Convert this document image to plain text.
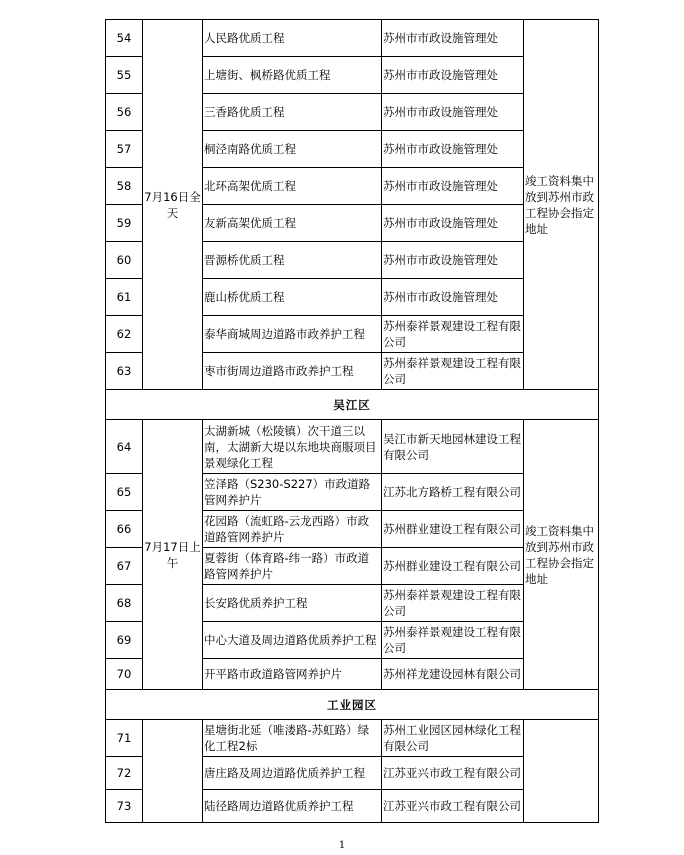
54	7月16日全天	人民路优质工程	苏州市市政设施管理处	竣工资料集中放到苏州市政工程协会指定地址
55		上塘街、枫桥路优质工程	苏州市市政设施管理处	
56		三香路优质工程	苏州市市政设施管理处	
57		桐泾南路优质工程	苏州市市政设施管理处	
58		北环高架优质工程	苏州市市政设施管理处	
59		友新高架优质工程	苏州市市政设施管理处	
60		晋源桥优质工程	苏州市市政设施管理处	
61		鹿山桥优质工程	苏州市市政设施管理处	
62		泰华商城周边道路市政养护工程	苏州泰祥景观建设工程有限公司	
63		枣市街周边道路市政养护工程	苏州泰祥景观建设工程有限公司	
吴江区				
64	7月17日上午	太湖新城（松陵镇）次干道三以南，太湖新大堤以东地块商服项目景观绿化工程	吴江市新天地园林建设工程有限公司	竣工资料集中放到苏州市政工程协会指定地址
65		笠泽路（S230-S227）市政道路管网养护片	江苏北方路桥工程有限公司	
66		花园路（流虹路-云龙西路）市政道路管网养护片	苏州群业建设工程有限公司	
67		夏蓉街（体育路-纬一路）市政道路管网养护片	苏州群业建设工程有限公司	
68		长安路优质养护工程	苏州泰祥景观建设工程有限公司	
69		中心大道及周边道路优质养护工程	苏州泰祥景观建设工程有限公司	
70		开平路市政道路管网养护片	苏州祥龙建设园林有限公司	
工业园区				
71		星塘街北延（唯溇路-苏虹路）绿化工程2标	苏州工业园区园林绿化工程有限公司	
72		唐庄路及周边道路优质养护工程	江苏亚兴市政工程有限公司	
73		陆径路周边道路优质养护工程	江苏亚兴市政工程有限公司	
1
